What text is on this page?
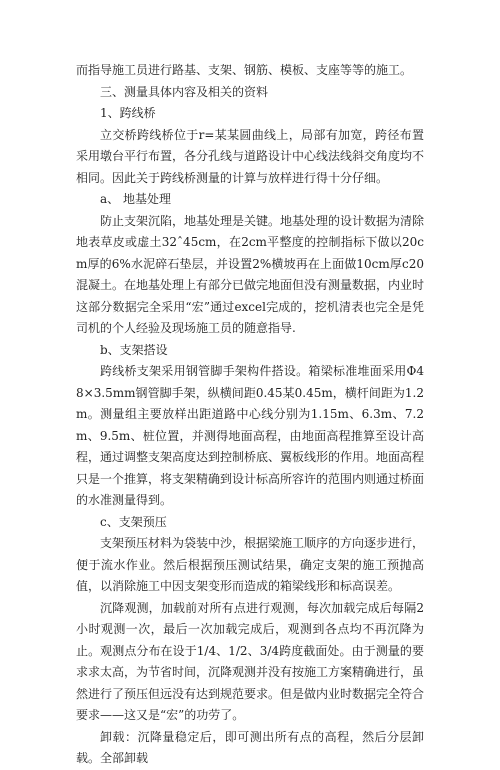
而指导施工员进行路基、支架、钢筋、模板、支座等等的施工。

三、测量具体内容及相关的资料

1、跨线桥

立交桥跨线桥位于r=某某圆曲线上，局部有加宽，跨径布置采用墩台平行布置，各分孔线与道路设计中心线法线斜交角度均不相同。因此关于跨线桥测量的计算与放样进行得十分仔细。

a、 地基处理

防止支架沉陷，地基处理是关键。地基处理的设计数据为清除地表草皮或虚土32ˆ45cm，在2cm平整度的控制指标下做以20cm厚的6%水泥碎石垫层，并设置2%横坡再在上面做10cm厚c20混凝土。在地基处理上有部分已做完地面但没有测量数据，内业时这部分数据完全采用“宏”通过excel完成的，挖机清表也完全是凭司机的个人经验及现场施工员的随意指导.

b、支架搭设

跨线桥支架采用钢管脚手架构件搭设。箱梁标准堆面采用Φ48×3.5mm钢管脚手架，纵横间距0.45某0.45m，横杆间距为1.2m。测量组主要放样出距道路中心线分别为1.15m、6.3m、7.2m、9.5m、桩位置，并测得地面高程，由地面高程推算至设计高程，通过调整支架高度达到控制桥底、翼板线形的作用。地面高程只是一个推算，将支架精确到设计标高所容许的范围内则通过桥面的水准测量得到。

c、支架预压

支架预压材料为袋装中沙，根据梁施工顺序的方向逐步进行，便于流水作业。然后根据预压测试结果，确定支架的施工预抛高值，以消除施工中因支架变形而造成的箱梁线形和标高误差。

沉降观测，加载前对所有点进行观测，每次加载完成后每隔2小时观测一次，最后一次加载完成后，观测到各点均不再沉降为止。观测点分布在设于1/4、1/2、3/4跨度截面处。由于测量的要求求太高，为节省时间，沉降观测并没有按施工方案精确进行，虽然进行了预压但远没有达到规范要求。但是做内业时数据完全符合要求——这又是“宏”的功劳了。

卸载：沉降量稳定后，即可测出所有点的高程，然后分层卸载。全部卸载
